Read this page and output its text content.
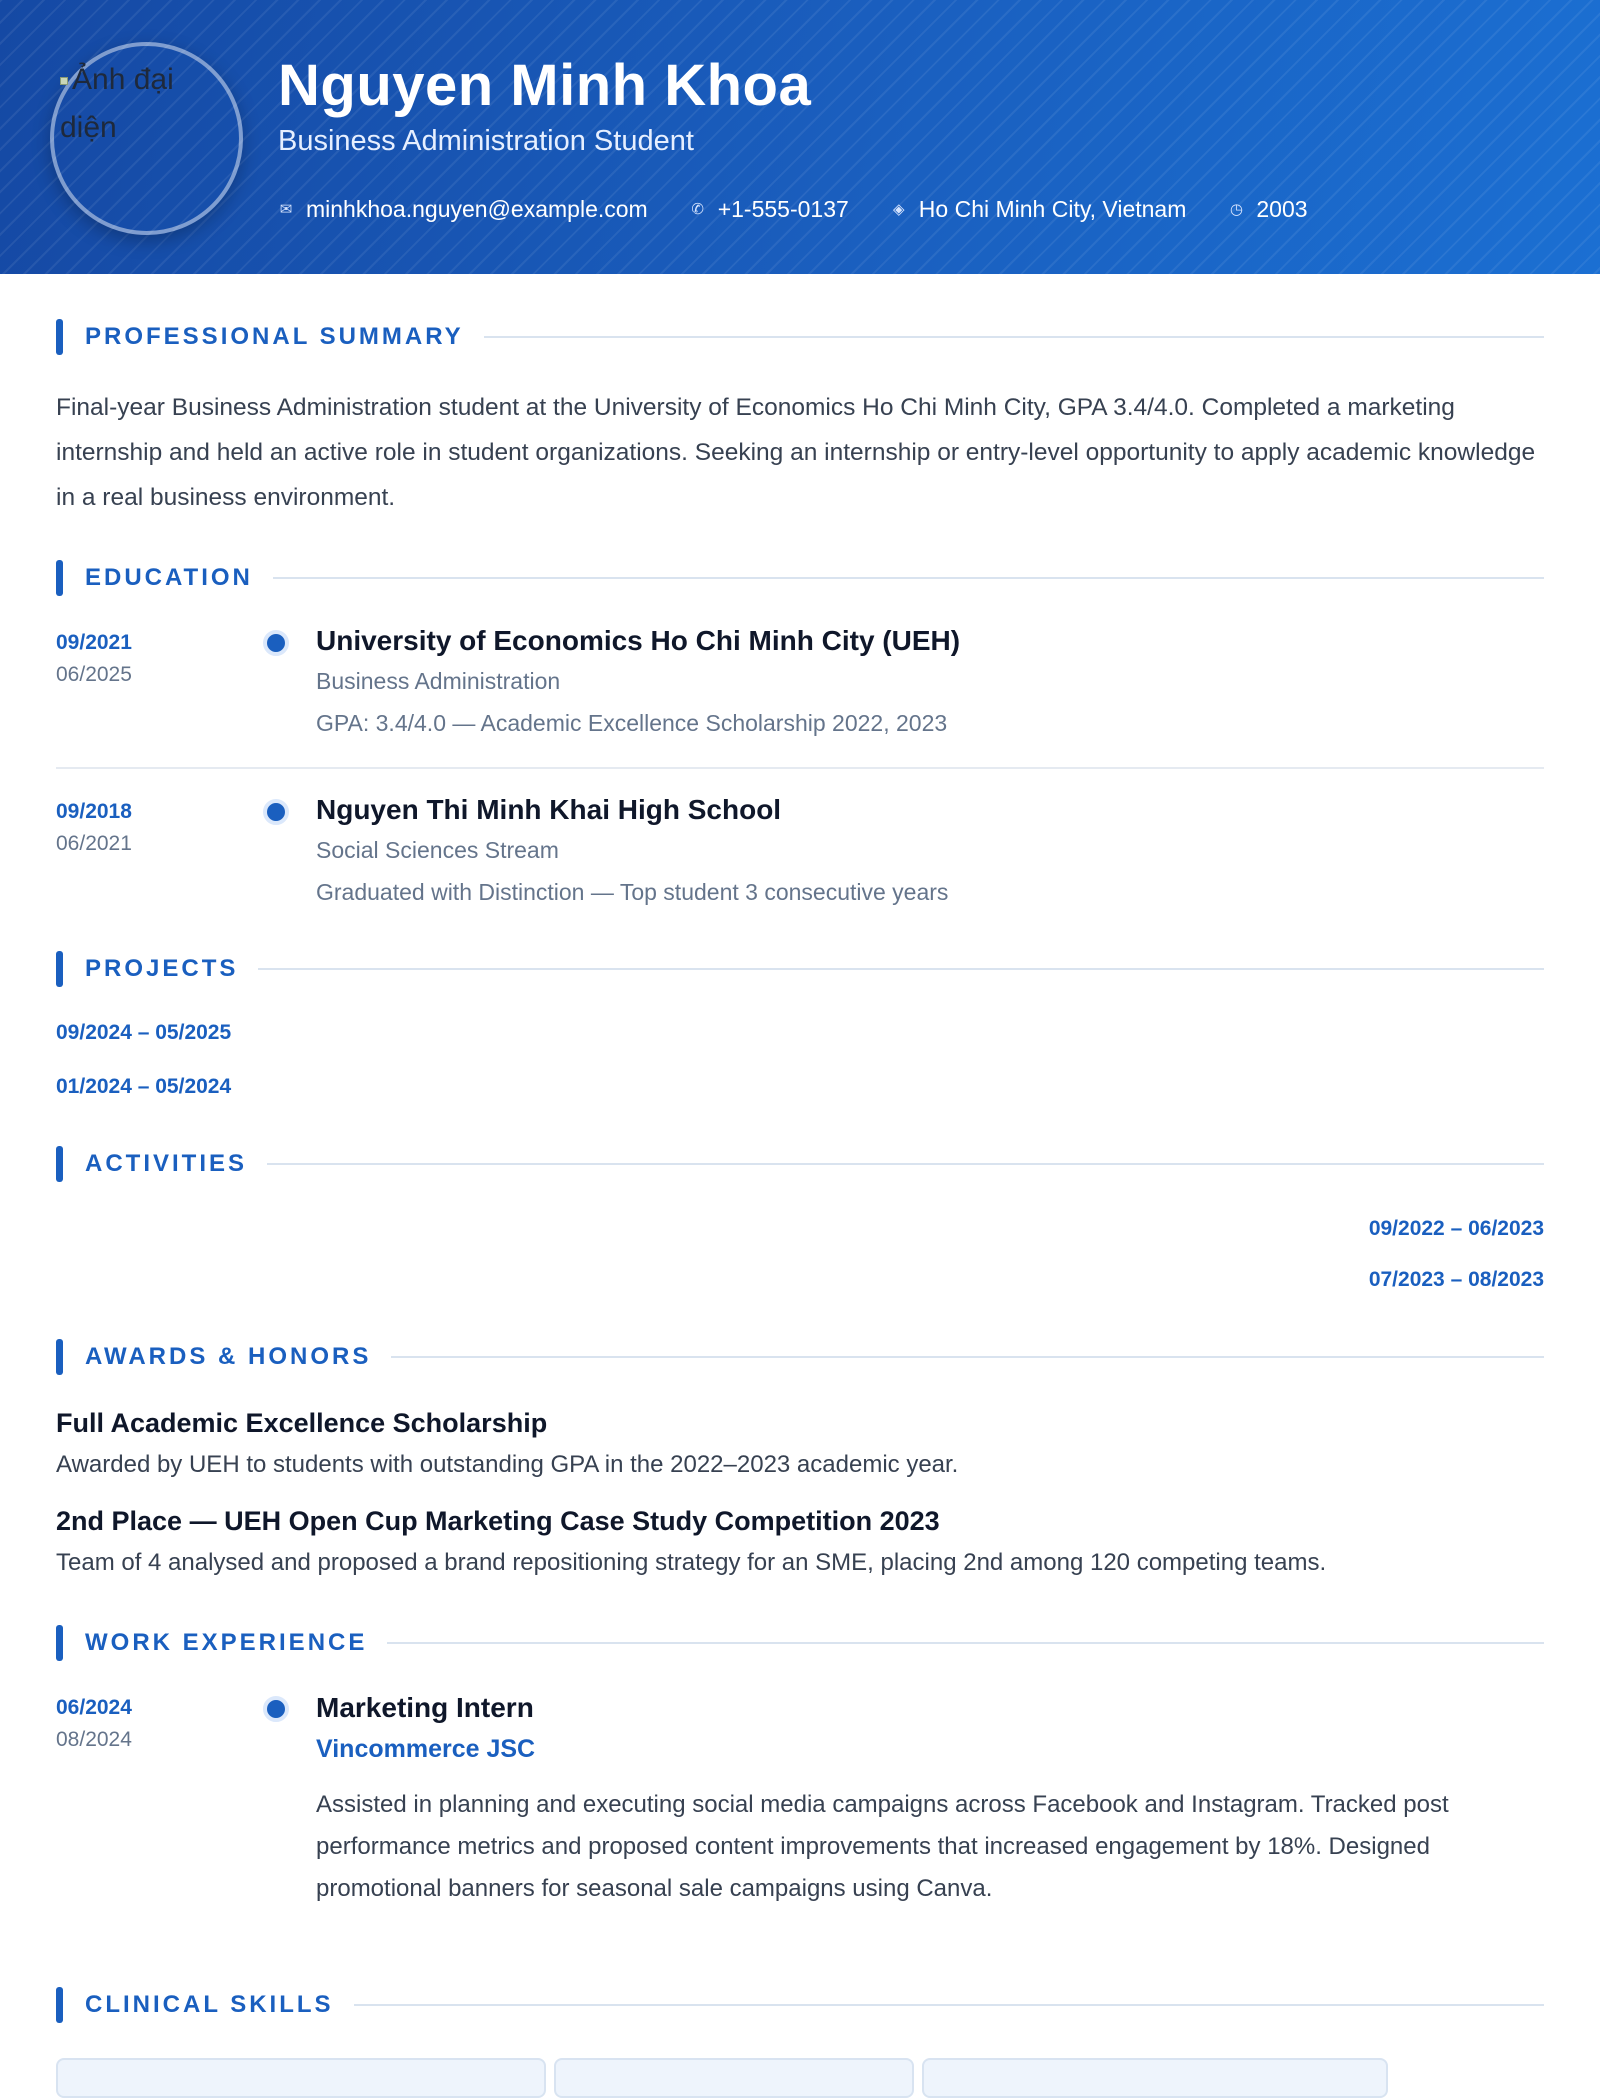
Ảnh đại diện
Nguyen Minh Khoa
Business Administration Student
✉ minhkhoa.nguyen@example.com	✆ +1-555-0137	◈ Ho Chi Minh City, Vietnam	◷ 2003
PROFESSIONAL SUMMARY
Final-year Business Administration student at the University of Economics Ho Chi Minh City, GPA 3.4/4.0. Completed a marketing internship and held an active role in student organizations. Seeking an internship or entry-level opportunity to apply academic knowledge in a real business environment.
EDUCATION
09/2021
06/2025
University of Economics Ho Chi Minh City (UEH)
Business Administration
GPA: 3.4/4.0 — Academic Excellence Scholarship 2022, 2023
09/2018
06/2021
Nguyen Thi Minh Khai High School
Social Sciences Stream
Graduated with Distinction — Top student 3 consecutive years
PROJECTS
09/2024 – 05/2025
01/2024 – 05/2024
ACTIVITIES
09/2022 – 06/2023
07/2023 – 08/2023
AWARDS & HONORS
Full Academic Excellence Scholarship
Awarded by UEH to students with outstanding GPA in the 2022–2023 academic year.
2nd Place — UEH Open Cup Marketing Case Study Competition 2023
Team of 4 analysed and proposed a brand repositioning strategy for an SME, placing 2nd among 120 competing teams.
WORK EXPERIENCE
06/2024
08/2024
Marketing Intern
Vincommerce JSC
Assisted in planning and executing social media campaigns across Facebook and Instagram. Tracked post performance metrics and proposed content improvements that increased engagement by 18%. Designed promotional banners for seasonal sale campaigns using Canva.
CLINICAL SKILLS
